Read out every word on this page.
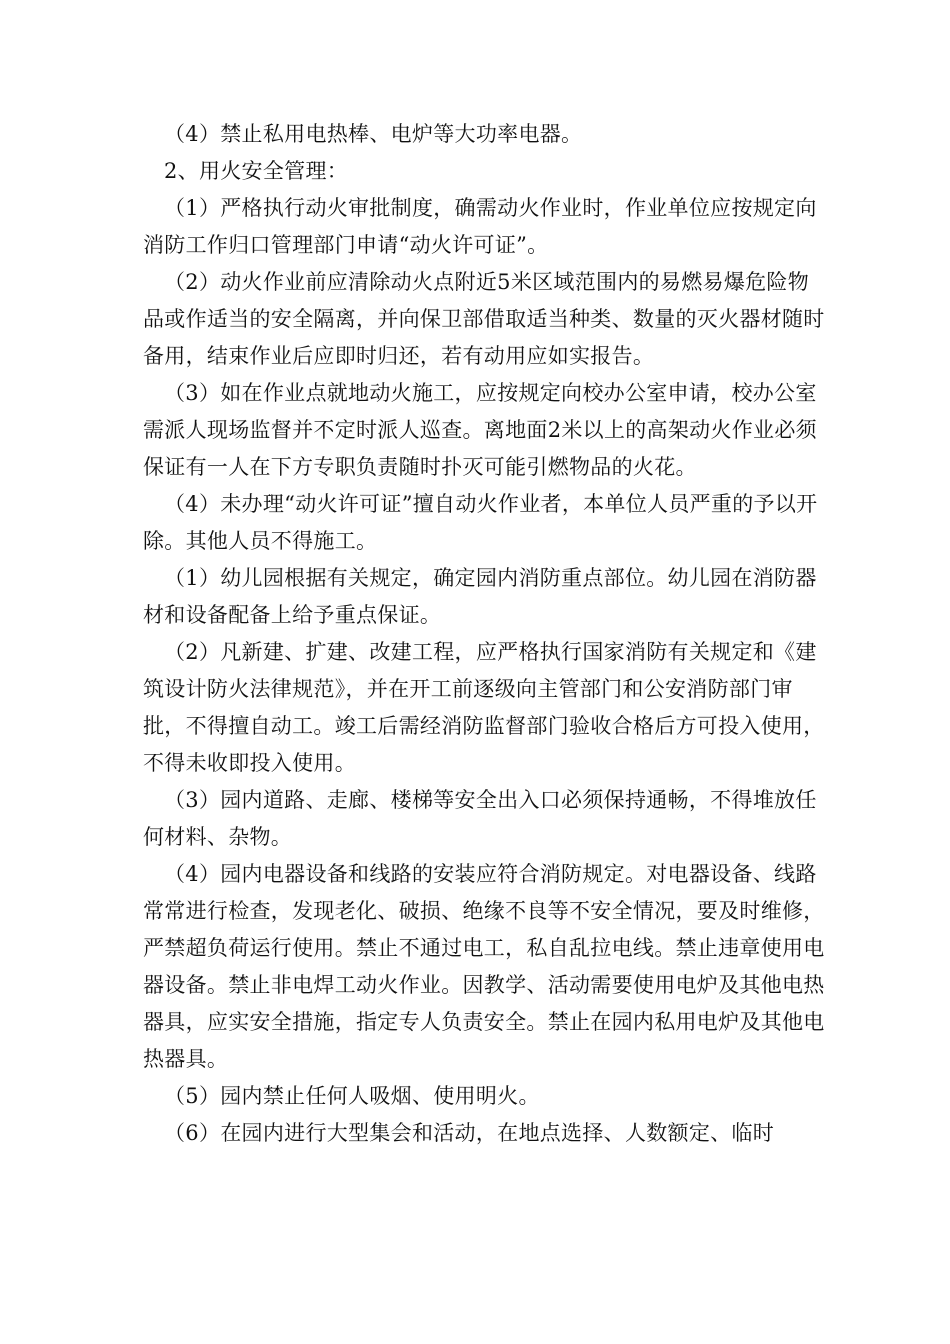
（4）禁止私用电热棒、电炉等大功率电器。

2、用火安全管理：

（1）严格执行动火审批制度，确需动火作业时，作业单位应按规定向消防工作归口管理部门申请“动火许可证”。

（2）动火作业前应清除动火点附近5米区域范围内的易燃易爆危险物品或作适当的安全隔离，并向保卫部借取适当种类、数量的灭火器材随时备用，结束作业后应即时归还，若有动用应如实报告。

（3）如在作业点就地动火施工，应按规定向校办公室申请，校办公室需派人现场监督并不定时派人巡查。离地面2米以上的高架动火作业必须保证有一人在下方专职负责随时扑灭可能引燃物品的火花。

（4）未办理“动火许可证”擅自动火作业者，本单位人员严重的予以开除。其他人员不得施工。

（1）幼儿园根据有关规定，确定园内消防重点部位。幼儿园在消防器材和设备配备上给予重点保证。

（2）凡新建、扩建、改建工程，应严格执行国家消防有关规定和《建筑设计防火法律规范》，并在开工前逐级向主管部门和公安消防部门审批，不得擅自动工。竣工后需经消防监督部门验收合格后方可投入使用，不得未收即投入使用。

（3）园内道路、走廊、楼梯等安全出入口必须保持通畅，不得堆放任何材料、杂物。

（4）园内电器设备和线路的安装应符合消防规定。对电器设备、线路常常进行检查，发现老化、破损、绝缘不良等不安全情况，要及时维修，严禁超负荷运行使用。禁止不通过电工，私自乱拉电线。禁止违章使用电器设备。禁止非电焊工动火作业。因教学、活动需要使用电炉及其他电热器具，应实安全措施，指定专人负责安全。禁止在园内私用电炉及其他电热器具。

（5）园内禁止任何人吸烟、使用明火。

（6）在园内进行大型集会和活动，在地点选择、人数额定、临时
